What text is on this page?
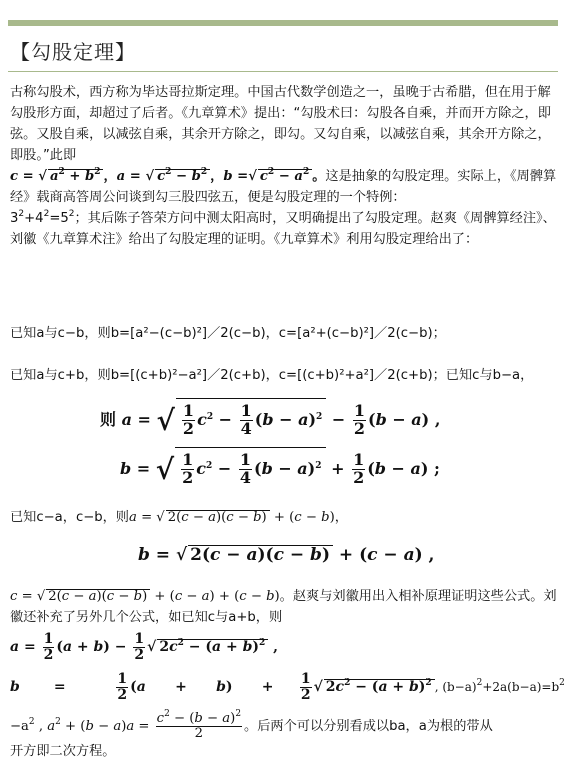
【勾股定理】
古称勾股术，西方称为毕达哥拉斯定理。中国古代数学创造之一，虽晚于古希腊，但在用于解勾股形方面，却超过了后者。《九章算术》提出：“勾股术曰：勾股各自乘，并而开方除之，即弦。又股自乘，以减弦自乘，其余开方除之，即勾。又勾自乘，以减弦自乘，其余开方除之，即股。”此即
c = √ $a^2 + b^2$ ，a = √ $c^2 - b^2$ ，b =√ $c^2 - a^2$ 。这是抽象的勾股定理。实际上，《周髀算经》载商高答周公问谈到勾三股四弦五，便是勾股定理的一个特例：
$3^2+4^2=5^2$；其后陈子答荣方问中测太阳高时，又明确提出了勾股定理。赵爽《周髀算经注》、刘徽《九章算术注》给出了勾股定理的证明。《九章算术》利用勾股定理给出了：
已知a与c−b，则b=[a²−(c−b)²]／2(c−b)，c=[a²+(c−b)²]／2(c−b)；
已知a与c+b，则b=[(c+b)²−a²]／2(c+b)，c=[(c+b)²+a²]／2(c+b)；已知c与b−a，
则 a = √ $\frac{1}{2} c^2 - \frac{1}{4} (b - a)^2 - \frac{1}{2} (b - a)$ ,
b = √ $\frac{1}{2} c^2 - \frac{1}{4} (b - a)^2 + \frac{1}{2} (b - a)$ ;
已知c−a，c−b，则a = √ 2(c − a)(c − b) + (c − b)，
b = √ 2(c − a)(c − b) + (c − a) ,
c = √ 2(c − a)(c − b) + (c − a) + (c − b)。赵爽与刘徽用出入相补原理证明这些公式。刘徽还补充了另外几个公式，如已知c与a+b，则
$a = \frac{1}{2} (a + b) - \frac{1}{2}$ √ $2c^2 - (a + b)^2$ ,
b       = $\frac{1}{2} (a$      +      b)      + $\frac{1}{2}$ √ $2c^2 - (a + b)^2$ , $(b-a)^2+2a(b-a)=b^2$
$-a^2$ , $a^2 + (b - a)a = \frac{c^2 - (b - a)^2}{2}$ 。后两个可以分别看成以ba，a为根的带从
开方即二次方程。
